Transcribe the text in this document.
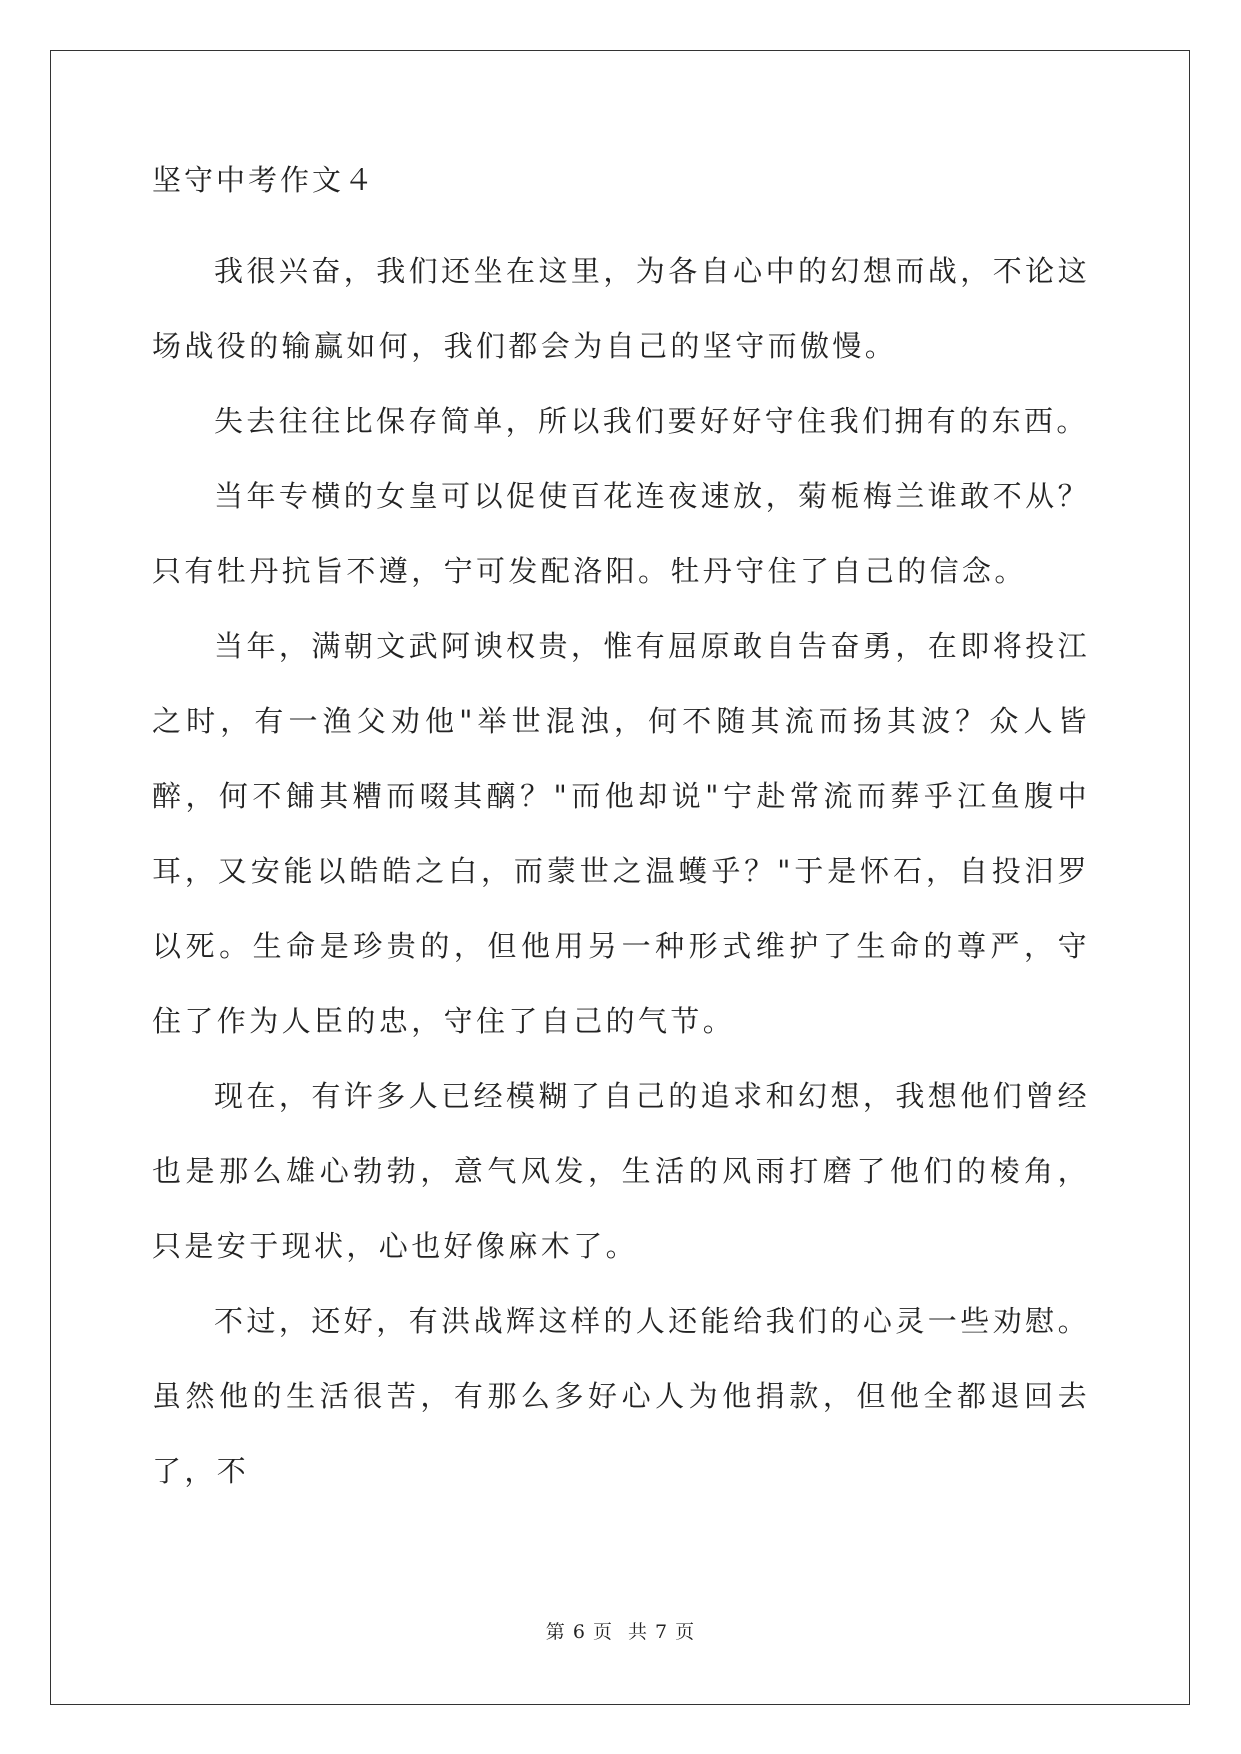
坚守中考作文４

我很兴奋，我们还坐在这里，为各自心中的幻想而战，不论这场战役的输赢如何，我们都会为自己的坚守而傲慢。

失去往往比保存简单，所以我们要好好守住我们拥有的东西。

当年专横的女皇可以促使百花连夜速放，菊栀梅兰谁敢不从？只有牡丹抗旨不遵，宁可发配洛阳。牡丹守住了自己的信念。

当年，满朝文武阿谀权贵，惟有屈原敢自告奋勇，在即将投江之时，有一渔父劝他"举世混浊，何不随其流而扬其波？众人皆醉，何不餔其糟而啜其醨？"而他却说"宁赴常流而葬乎江鱼腹中耳，又安能以皓皓之白，而蒙世之温蠖乎？"于是怀石，自投汨罗以死。生命是珍贵的，但他用另一种形式维护了生命的尊严，守住了作为人臣的忠，守住了自己的气节。

现在，有许多人已经模糊了自己的追求和幻想，我想他们曾经也是那么雄心勃勃，意气风发，生活的风雨打磨了他们的棱角，只是安于现状，心也好像麻木了。

不过，还好，有洪战辉这样的人还能给我们的心灵一些劝慰。虽然他的生活很苦，有那么多好心人为他捐款，但他全都退回去了，不

第 6 页 共 7 页
